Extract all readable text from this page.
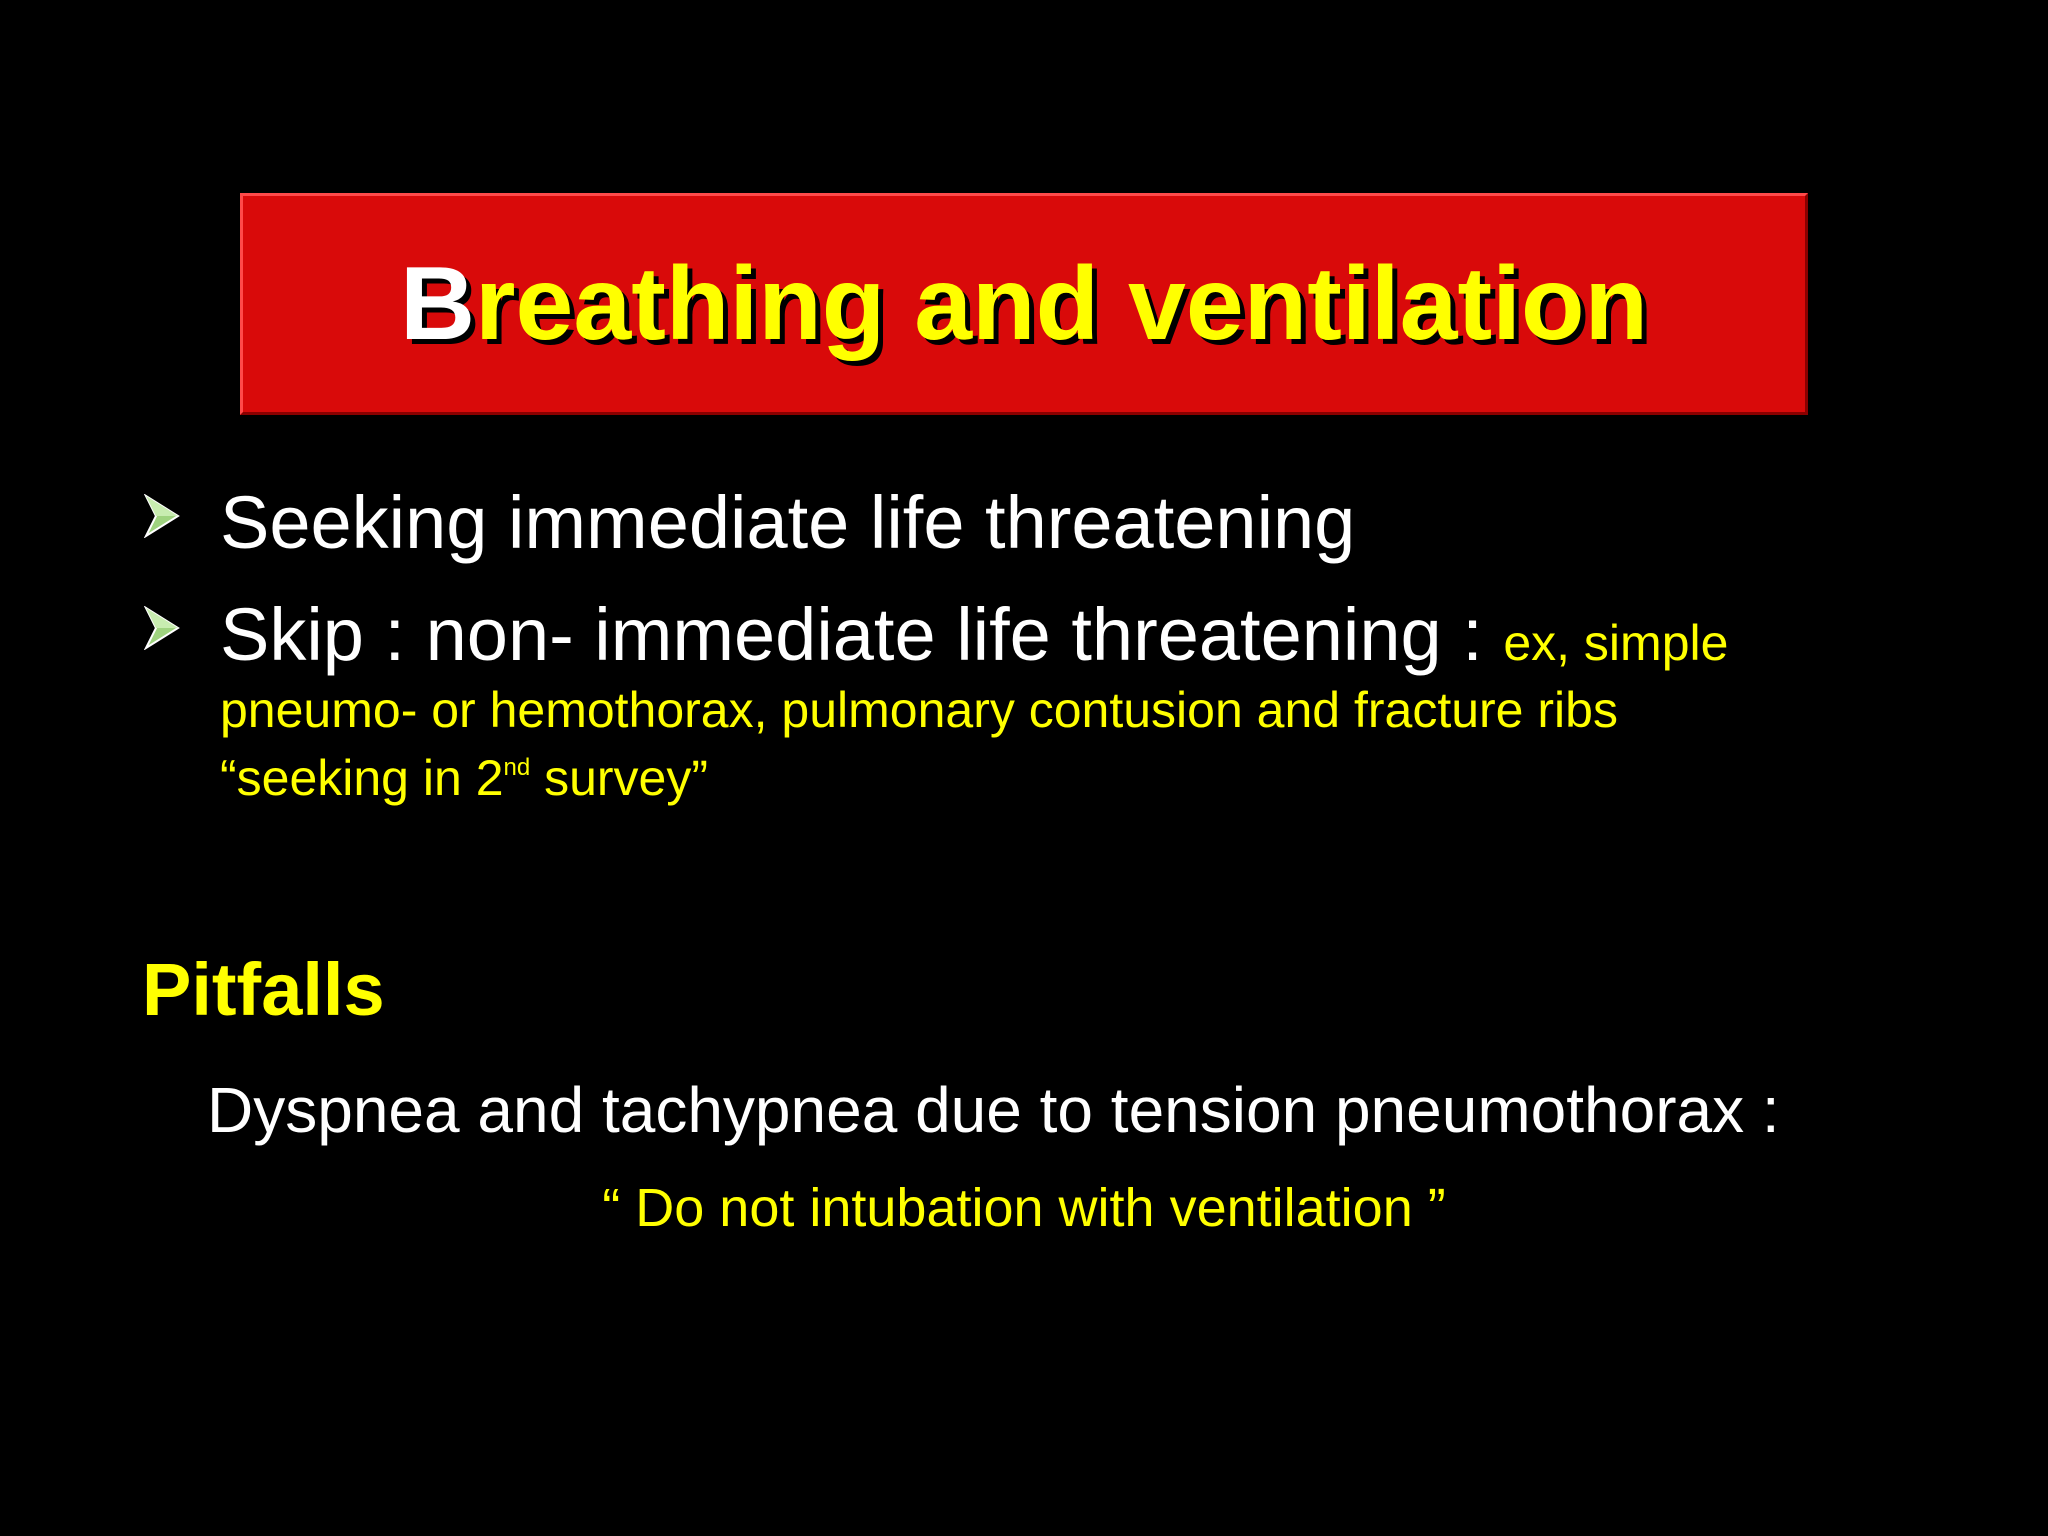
Breathing and ventilation
Seeking immediate life threatening
Skip : non- immediate life threatening : ex, simple
pneumo- or hemothorax, pulmonary contusion and fracture ribs
“seeking in 2nd survey”
Pitfalls
Dyspnea and tachypnea due to tension pneumothorax :
“ Do not intubation with ventilation ”
